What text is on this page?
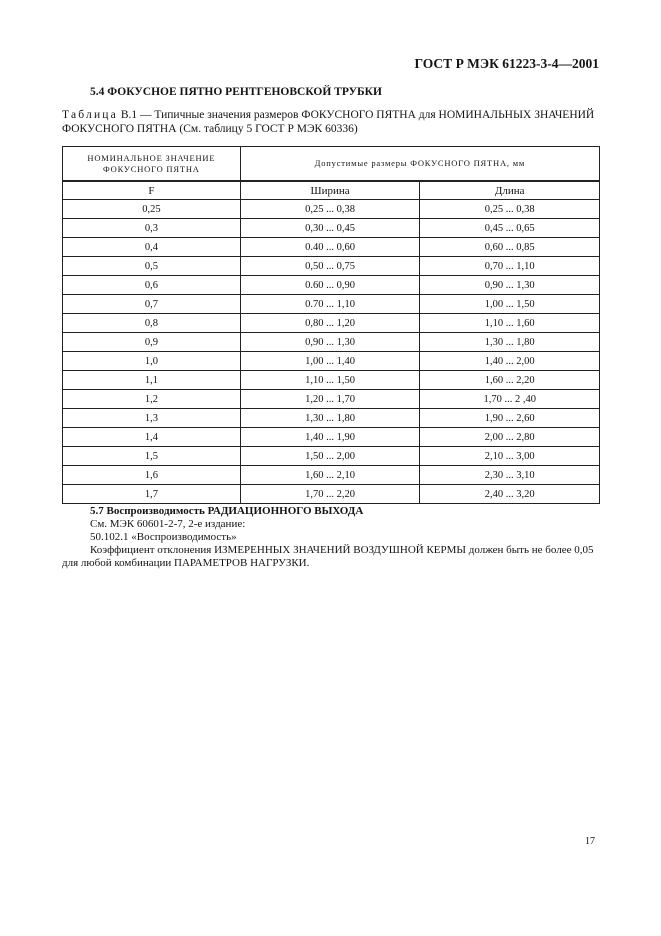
ГОСТ Р МЭК 61223-3-4—2001
5.4 ФОКУСНОЕ ПЯТНО РЕНТГЕНОВСКОЙ ТРУБКИ
Таблица В.1 — Типичные значения размеров ФОКУСНОГО ПЯТНА для НОМИНАЛЬНЫХ ЗНАЧЕНИЙ ФОКУСНОГО ПЯТНА (См. таблицу 5 ГОСТ Р МЭК 60336)
НОМИНАЛЬНОЕ ЗНАЧЕНИЕ ФОКУСНОГО ПЯТНА	Допустимые размеры ФОКУСНОГО ПЯТНА, мм	
F	Ширина	Длина
0,25	0,25 ... 0,38	0,25 ... 0,38
0,3	0,30 ... 0,45	0,45 ... 0,65
0,4	0.40 ... 0,60	0,60 ... 0,85
0,5	0,50 ... 0,75	0,70 ... 1,10
0,6	0.60 ... 0,90	0,90 ... 1,30
0,7	0.70 ... 1,10	1,00 ... 1,50
0,8	0,80 ... 1,20	1,10 ... 1,60
0,9	0,90 ... 1,30	1,30 ... 1,80
1,0	1,00 ... 1,40	1,40 ... 2,00
1,1	1,10 ... 1,50	1,60 ... 2,20
1,2	1,20 ... 1,70	1,70 ... 2 ,40
1,3	1,30 ... 1,80	1,90 ... 2,60
1,4	1,40 ... 1,90	2,00 ... 2,80
1,5	1,50 ... 2,00	2,10 ... 3,00
1,6	1,60 ... 2,10	2,30 ... 3,10
1,7	1,70 ... 2,20	2,40 ... 3,20
5.7 Воспроизводимость РАДИАЦИОННОГО ВЫХОДА
См. МЭК 60601-2-7, 2-е издание:
50.102.1 «Воспроизводимость»
Коэффициент отклонения ИЗМЕРЕННЫХ ЗНАЧЕНИЙ ВОЗДУШНОЙ КЕРМЫ должен быть не более 0,05 для любой комбинации ПАРАМЕТРОВ НАГРУЗКИ.
17
